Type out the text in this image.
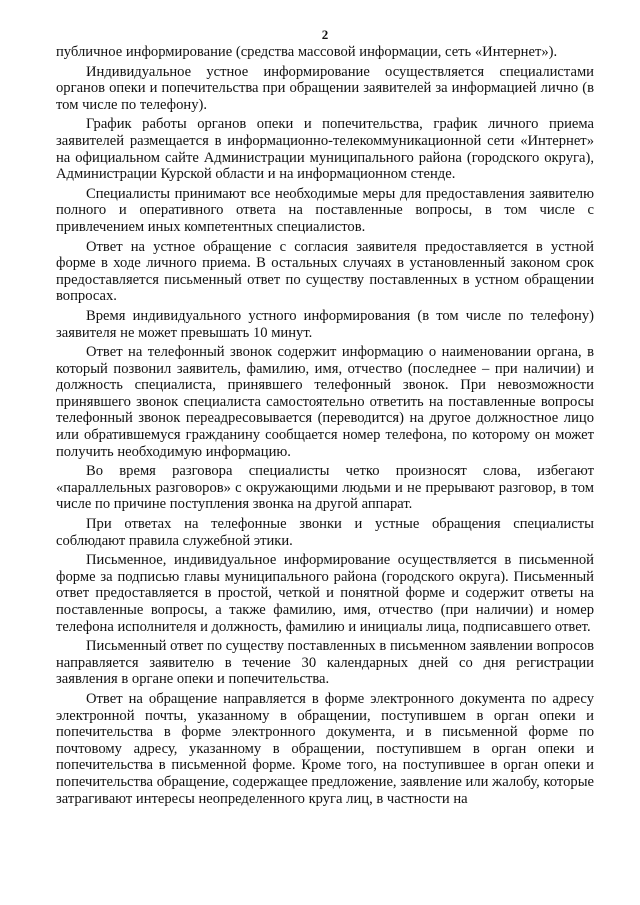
2

публичное информирование (средства массовой информации, сеть «Интернет»).

Индивидуальное устное информирование осуществляется специалистами органов опеки и попечительства при обращении заявителей за информацией лично (в том числе по телефону).

График работы органов опеки и попечительства, график личного приема заявителей размещается в информационно-телекоммуникационной сети «Интернет» на официальном сайте Администрации муниципального района (городского округа), Администрации Курской области и на информационном стенде.

Специалисты принимают все необходимые меры для предоставления заявителю полного и оперативного ответа на поставленные вопросы, в том числе с привлечением иных компетентных специалистов.

Ответ на устное обращение с согласия заявителя предоставляется в устной форме в ходе личного приема. В остальных случаях в установленный законом срок предоставляется письменный ответ по существу поставленных в устном обращении вопросах.

Время индивидуального устного информирования (в том числе по телефону) заявителя не может превышать 10 минут.

Ответ на телефонный звонок содержит информацию о наименовании органа, в который позвонил заявитель, фамилию, имя, отчество (последнее – при наличии) и должность специалиста, принявшего телефонный звонок. При невозможности принявшего звонок специалиста самостоятельно ответить на поставленные вопросы телефонный звонок переадресовывается (переводится) на другое должностное лицо или обратившемуся гражданину сообщается номер телефона, по которому он может получить необходимую информацию.

Во время разговора специалисты четко произносят слова, избегают «параллельных разговоров» с окружающими людьми и не прерывают разговор, в том числе по причине поступления звонка на другой аппарат.

При ответах на телефонные звонки и устные обращения специалисты соблюдают правила служебной этики.

Письменное, индивидуальное информирование осуществляется в письменной форме за подписью главы муниципального района (городского округа). Письменный ответ предоставляется в простой, четкой и понятной форме и содержит ответы на поставленные вопросы, а также фамилию, имя, отчество (при наличии) и номер телефона исполнителя и должность, фамилию и инициалы лица, подписавшего ответ.

Письменный ответ по существу поставленных в письменном заявлении вопросов направляется заявителю в течение 30 календарных дней со дня регистрации заявления в органе опеки и попечительства.

Ответ на обращение направляется в форме электронного документа по адресу электронной почты, указанному в обращении, поступившем в орган опеки и попечительства в форме электронного документа, и в письменной форме по почтовому адресу, указанному в обращении, поступившем в орган опеки и попечительства в письменной форме. Кроме того, на поступившее в орган опеки и попечительства обращение, содержащее предложение, заявление или жалобу, которые затрагивают интересы неопределенного круга лиц, в частности на
